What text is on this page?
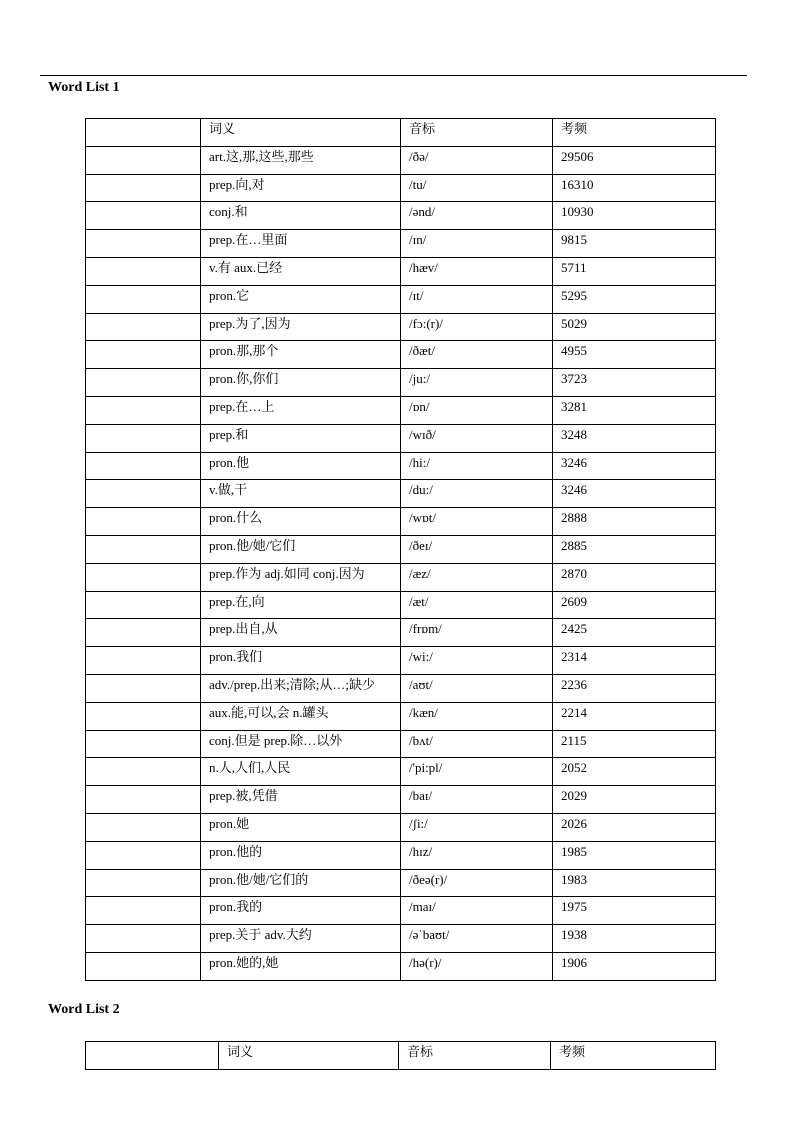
Word List 1
	词义	音标	考频
	art.这,那,这些,那些	/ðə/	29506
	prep.向,对	/tu/	16310
	conj.和	/ənd/	10930
	prep.在…里面	/ɪn/	9815
	v.有 aux.已经	/hæv/	5711
	pron.它	/ɪt/	5295
	prep.为了,因为	/fɔ:(r)/	5029
	pron.那,那个	/ðæt/	4955
	pron.你,你们	/ju:/	3723
	prep.在…上	/ɒn/	3281
	prep.和	/wɪð/	3248
	pron.他	/hi:/	3246
	v.做,干	/du:/	3246
	pron.什么	/wɒt/	2888
	pron.他/她/它们	/ðeɪ/	2885
	prep.作为 adj.如同 conj.因为	/æz/	2870
	prep.在,向	/æt/	2609
	prep.出自,从	/frɒm/	2425
	pron.我们	/wi:/	2314
	adv./prep.出来;清除;从…;缺少	/aʊt/	2236
	aux.能,可以,会 n.罐头	/kæn/	2214
	conj.但是 prep.除…以外	/bʌt/	2115
	n.人,人们,人民	/'pi:pl/	2052
	prep.被,凭借	/baɪ/	2029
	pron.她	/ʃi:/	2026
	pron.他的	/hɪz/	1985
	pron.他/她/它们的	/ðeə(r)/	1983
	pron.我的	/maɪ/	1975
	prep.关于 adv.大约	/əˈbaʊt/	1938
	pron.她的,她	/hə(r)/	1906
Word List 2
	词义	音标	考频
